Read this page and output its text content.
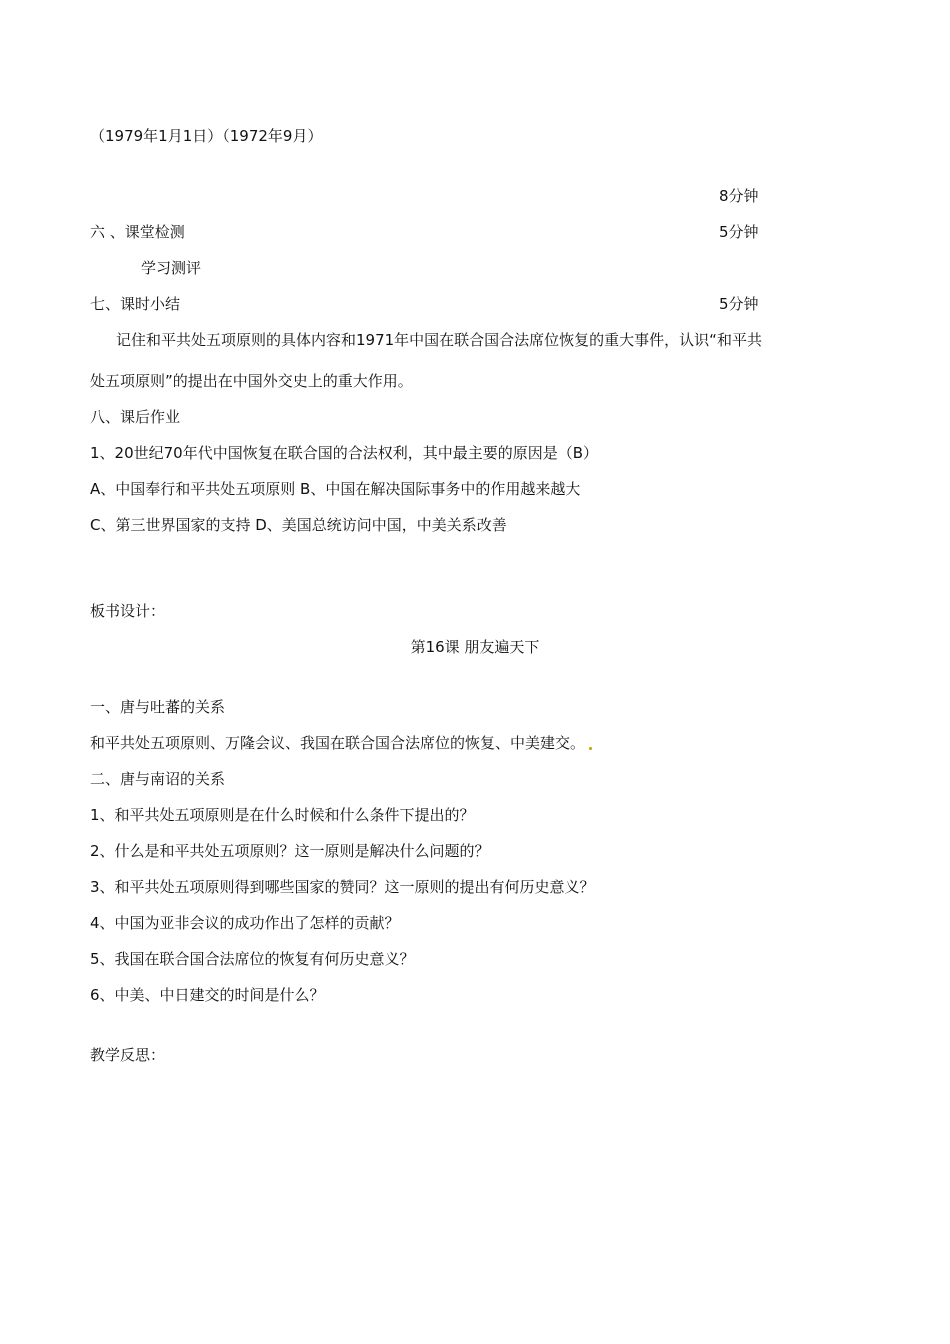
（1979年1月1日）（1972年9月）
8分钟
六 、课堂检测	5分钟
学习测评
七、课时小结	5分钟
记住和平共处五项原则的具体内容和1971年中国在联合国合法席位恢复的重大事件，认识“和平共
处五项原则”的提出在中国外交史上的重大作用。
八、课后作业
1、20世纪70年代中国恢复在联合国的合法权利，其中最主要的原因是（B）
A、中国奉行和平共处五项原则 B、中国在解决国际事务中的作用越来越大
C、第三世界国家的支持 D、美国总统访问中国，中美关系改善
板书设计：
第16课 朋友遍天下
一、唐与吐蕃的关系
和平共处五项原则、万隆会议、我国在联合国合法席位的恢复、中美建交。
二、唐与南诏的关系
1、和平共处五项原则是在什么时候和什么条件下提出的？
2、什么是和平共处五项原则？这一原则是解决什么问题的？
3、和平共处五项原则得到哪些国家的赞同？这一原则的提出有何历史意义？
4、中国为亚非会议的成功作出了怎样的贡献？
5、我国在联合国合法席位的恢复有何历史意义？
6、中美、中日建交的时间是什么？
教学反思：
